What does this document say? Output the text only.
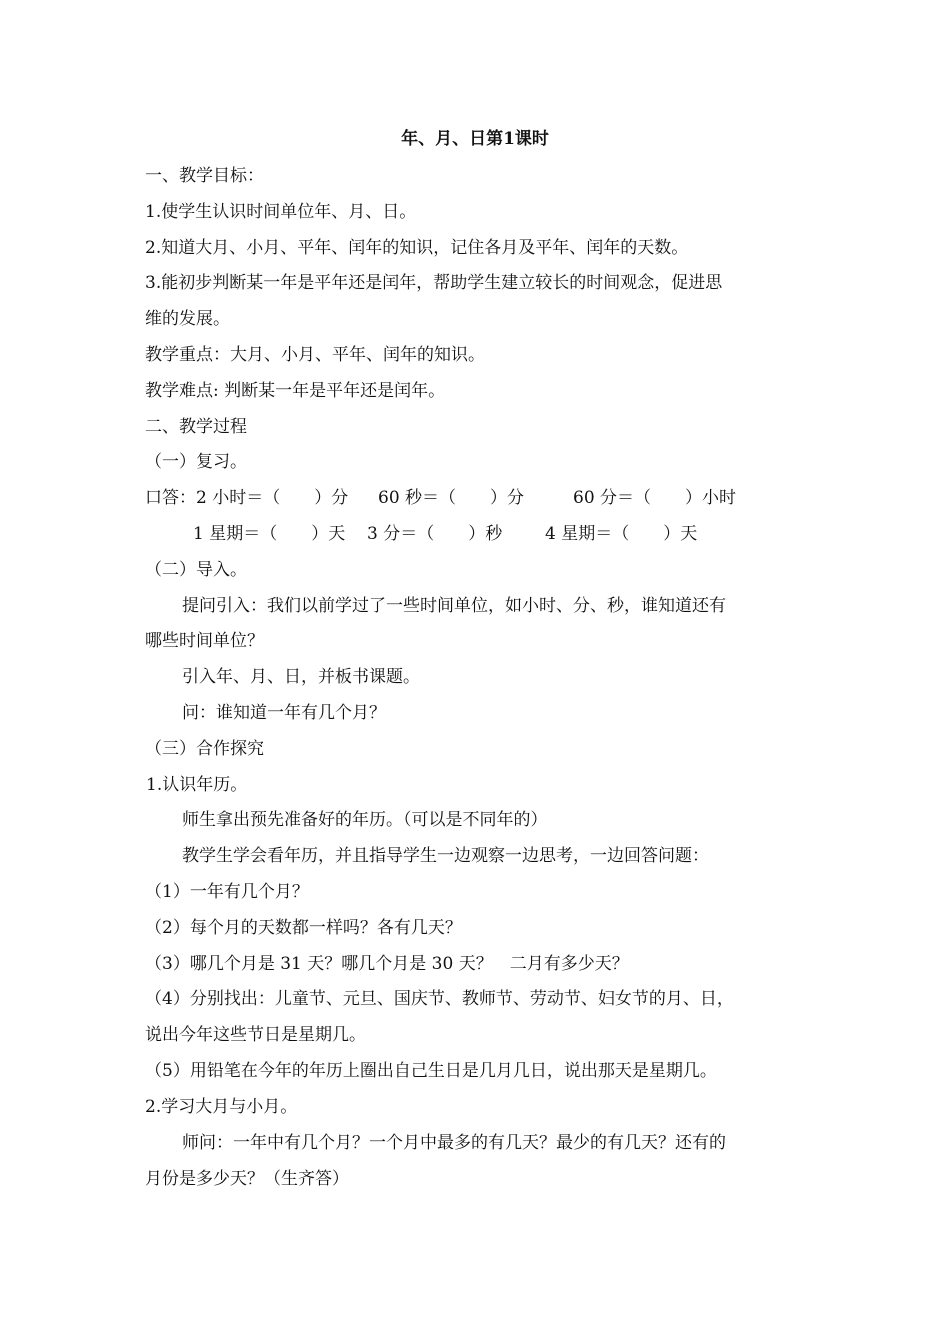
年、月、日第1课时
一、教学目标：
1.使学生认识时间单位年、月、日。
2.知道大月、小月、平年、闰年的知识，记住各月及平年、闰年的天数。
3.能初步判断某一年是平年还是闰年，帮助学生建立较长的时间观念，促进思
维的发展。
教学重点：大月、小月、平年、闰年的知识。
教学难点: 判断某一年是平年还是闰年。
二、教学过程
（一）复习。
口答：2 小时＝（　　）分 60 秒＝（　　）分	60 分＝（　　）小时
1 星期＝（　　）天 3 分＝（　　）秒	4 星期＝（　　）天
（二）导入。
提问引入：我们以前学过了一些时间单位，如小时、分、秒，谁知道还有
哪些时间单位？
引入年、月、日，并板书课题。
问：谁知道一年有几个月？
（三）合作探究
1.认识年历。
师生拿出预先准备好的年历。（可以是不同年的）
教学生学会看年历，并且指导学生一边观察一边思考，一边回答问题：
（1）一年有几个月？
（2）每个月的天数都一样吗？各有几天？
（3）哪几个月是 31 天？哪几个月是 30 天？　二月有多少天？
（4）分别找出：儿童节、元旦、国庆节、教师节、劳动节、妇女节的月、日，
说出今年这些节日是星期几。
（5）用铅笔在今年的年历上圈出自己生日是几月几日，说出那天是星期几。
2.学习大月与小月。
师问：一年中有几个月？一个月中最多的有几天？最少的有几天？还有的
月份是多少天？（生齐答）
